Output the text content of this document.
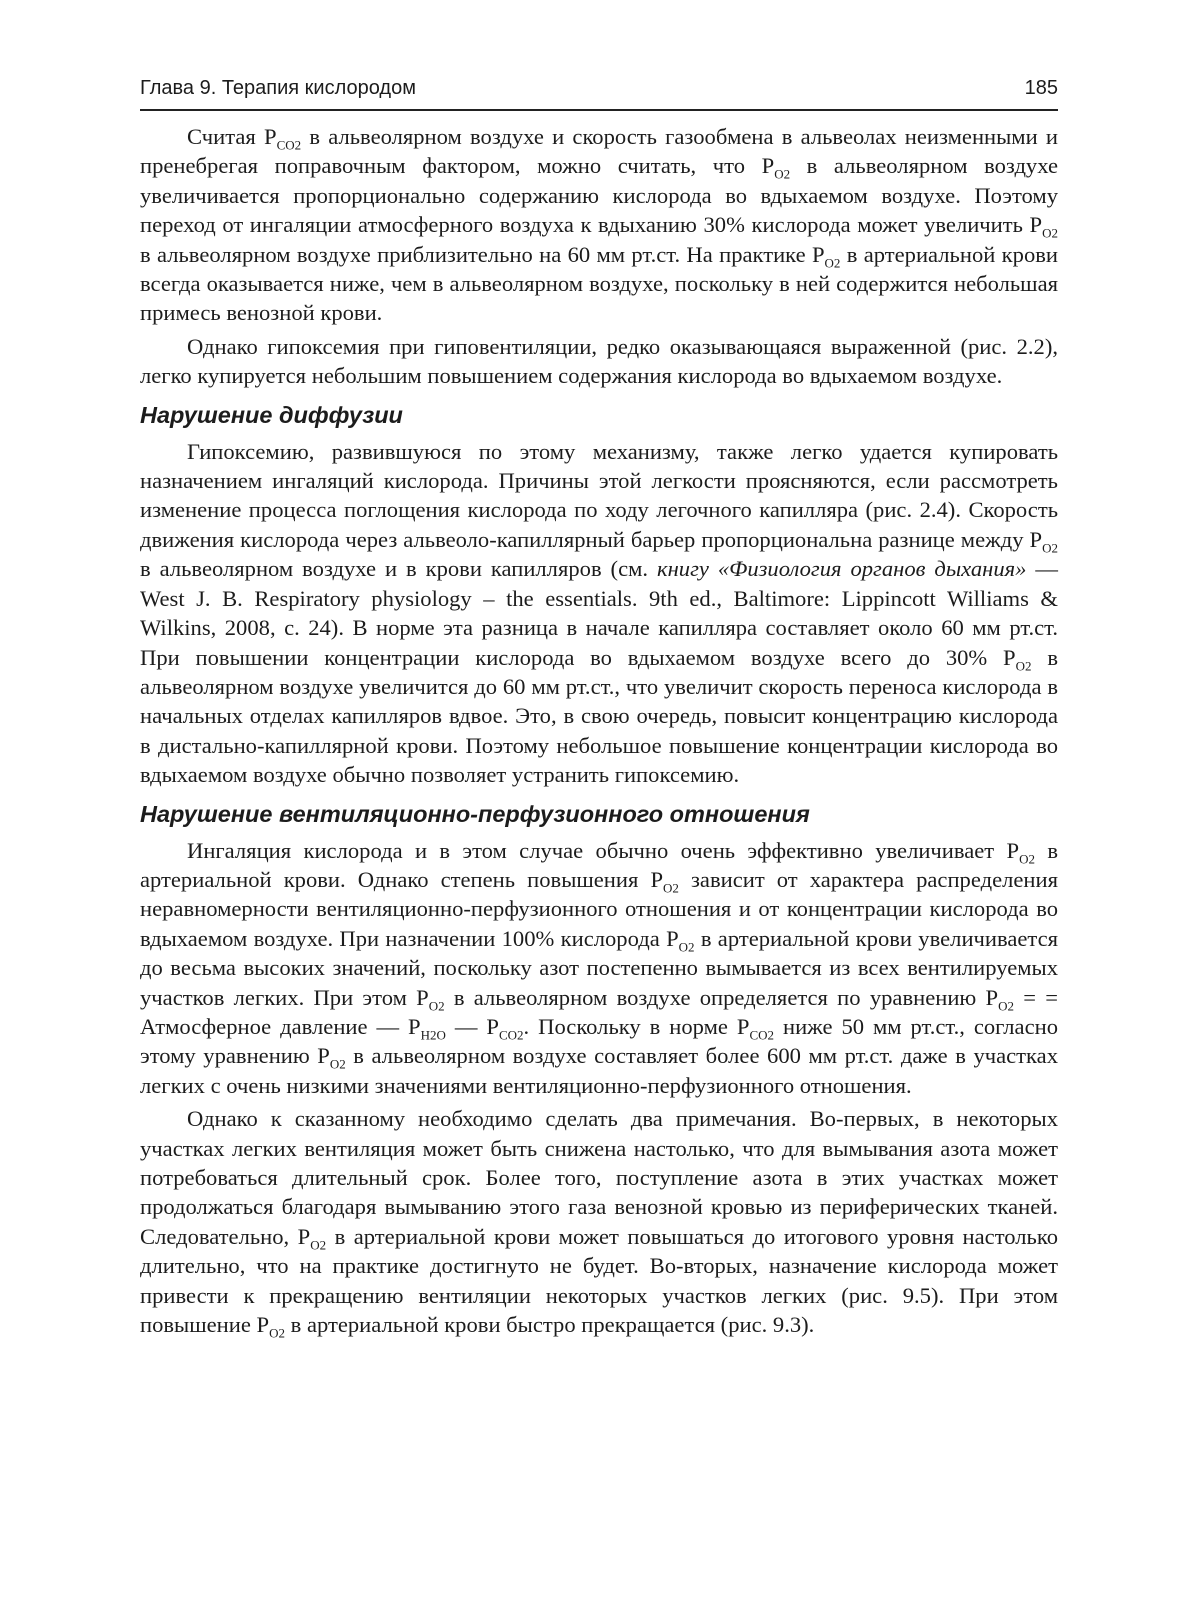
Глава 9. Терапия кислородом	185

Считая $P_{CO2}$ в альвеолярном воздухе и скорость газообмена в альвеолах неизменными и пренебрегая поправочным фактором, можно считать, что $P_{O2}$ в альвеолярном воздухе увеличивается пропорционально содержанию кислорода во вдыхаемом воздухе. Поэтому переход от ингаляции атмосферного воздуха к вдыханию 30% кислорода может увеличить $P_{O2}$ в альвеолярном воздухе приблизительно на 60 мм рт.ст. На практике $P_{O2}$ в артериальной крови всегда оказывается ниже, чем в альвеолярном воздухе, поскольку в ней содержится небольшая примесь венозной крови.

Однако гипоксемия при гиповентиляции, редко оказывающаяся выраженной (рис. 2.2), легко купируется небольшим повышением содержания кислорода во вдыхаемом воздухе.

Нарушение диффузии

Гипоксемию, развившуюся по этому механизму, также легко удается купировать назначением ингаляций кислорода. Причины этой легкости проясняются, если рассмотреть изменение процесса поглощения кислорода по ходу легочного капилляра (рис. 2.4). Скорость движения кислорода через альвеоло-капиллярный барьер пропорциональна разнице между $P_{O2}$ в альвеолярном воздухе и в крови капилляров (см. книгу «Физиология органов дыхания» — West J. B. Respiratory physiology – the essentials. 9th ed., Baltimore: Lippincott Williams & Wilkins, 2008, с. 24). В норме эта разница в начале капилляра составляет около 60 мм рт.ст. При повышении концентрации кислорода во вдыхаемом воздухе всего до 30% $P_{O2}$ в альвеолярном воздухе увеличится до 60 мм рт.ст., что увеличит скорость переноса кислорода в начальных отделах капилляров вдвое. Это, в свою очередь, повысит концентрацию кислорода в дистально-капиллярной крови. Поэтому небольшое повышение концентрации кислорода во вдыхаемом воздухе обычно позволяет устранить гипоксемию.

Нарушение вентиляционно-перфузионного отношения

Ингаляция кислорода и в этом случае обычно очень эффективно увеличивает $P_{O2}$ в артериальной крови. Однако степень повышения $P_{O2}$ зависит от характера распределения неравномерности вентиляционно-перфузионного отношения и от концентрации кислорода во вдыхаемом воздухе. При назначении 100% кислорода $P_{O2}$ в артериальной крови увеличивается до весьма высоких значений, поскольку азот постепенно вымывается из всех вентилируемых участков легких. При этом $P_{O2}$ в альвеолярном воздухе определяется по уравнению $P_{O2}$ = = Атмосферное давление — $P_{H2O}$ — $P_{CO2}$. Поскольку в норме $P_{CO2}$ ниже 50 мм рт.ст., согласно этому уравнению $P_{O2}$ в альвеолярном воздухе составляет более 600 мм рт.ст. даже в участках легких с очень низкими значениями вентиляционно-перфузионного отношения.

Однако к сказанному необходимо сделать два примечания. Во-первых, в некоторых участках легких вентиляция может быть снижена настолько, что для вымывания азота может потребоваться длительный срок. Более того, поступление азота в этих участках может продолжаться благодаря вымыванию этого газа венозной кровью из периферических тканей. Следовательно, $P_{O2}$ в артериальной крови может повышаться до итогового уровня настолько длительно, что на практике достигнуто не будет. Во-вторых, назначение кислорода может привести к прекращению вентиляции некоторых участков легких (рис. 9.5). При этом повышение $P_{O2}$ в артериальной крови быстро прекращается (рис. 9.3).
